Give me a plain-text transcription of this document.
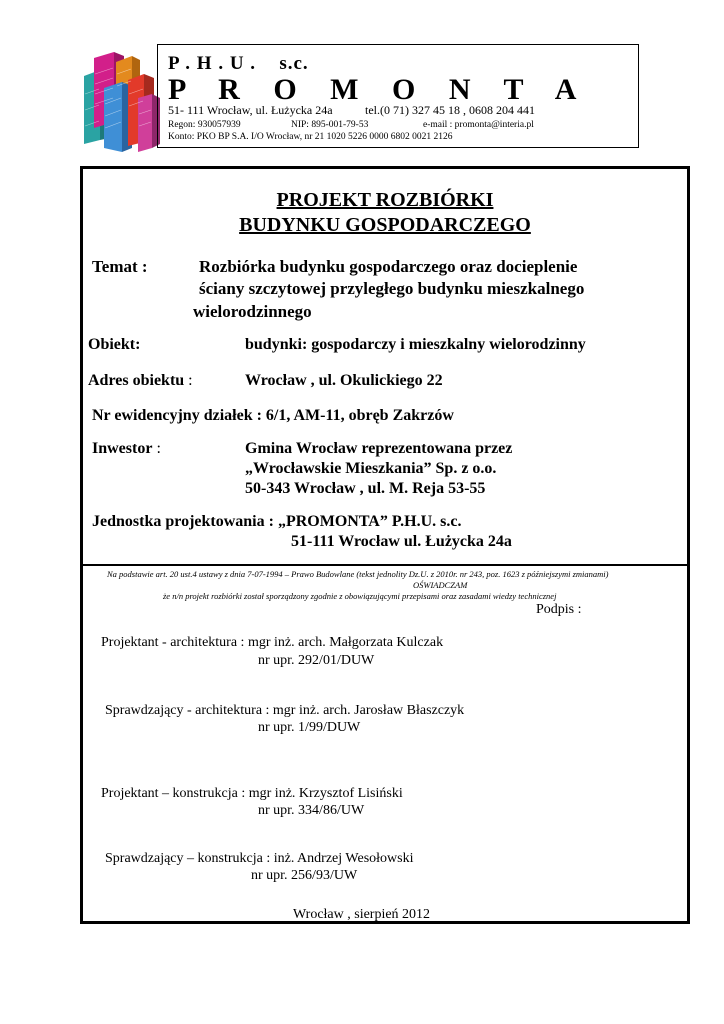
P . H . U . s.c.
P R O M O N T A
51- 111 Wrocław, ul. Łużycka 24a	tel.(0 71) 327 45 18 , 0608 204 441
Regon: 930057939	NIP: 895-001-79-53	e-mail : promonta@interia.pl
Konto: PKO BP S.A. I/O Wrocław, nr 21 1020 5226 0000 6802 0021 2126
PROJEKT ROZBIÓRKI
BUDYNKU GOSPODARCZEGO
Temat :	Rozbiórka budynku gospodarczego oraz docieplenie
ściany szczytowej przyległego budynku mieszkalnego
wielorodzinnego
Obiekt:	budynki: gospodarczy i mieszkalny wielorodzinny
Adres obiektu :	Wrocław , ul. Okulickiego 22
Nr ewidencyjny działek : 6/1, AM-11, obręb Zakrzów
Inwestor :	Gmina Wrocław reprezentowana przez
„Wrocławskie Mieszkania” Sp. z o.o.
50-343 Wrocław , ul. M. Reja 53-55
Jednostka projektowania : „PROMONTA” P.H.U. s.c.
51-111 Wrocław ul. Łużycka 24a
Na podstawie art. 20 ust.4 ustawy z dnia 7-07-1994 – Prawo Budowlane (tekst jednolity Dz.U. z 2010r. nr 243, poz. 1623 z późniejszymi zmianami)
OŚWIADCZAM
że n/n projekt rozbiórki został sporządzony zgodnie z obowiązującymi przepisami oraz zasadami wiedzy technicznej
Podpis :
Projektant - architektura : mgr inż. arch. Małgorzata Kulczak
nr upr. 292/01/DUW
Sprawdzający - architektura : mgr inż. arch. Jarosław Błaszczyk
nr upr. 1/99/DUW
Projektant – konstrukcja : mgr inż. Krzysztof Lisiński
nr upr. 334/86/UW
Sprawdzający – konstrukcja : inż. Andrzej Wesołowski
nr upr. 256/93/UW
Wrocław , sierpień 2012
